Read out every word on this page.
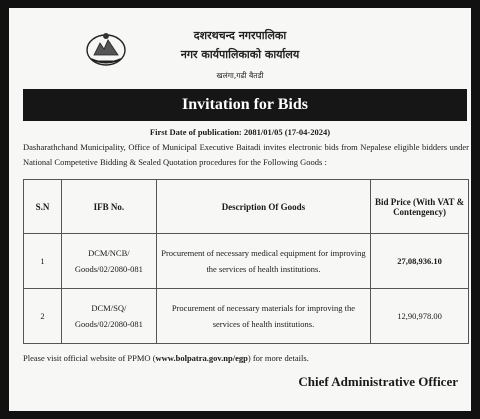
दशरथचन्द नगरपालिका
नगर कार्यपालिकाको कार्यालय
खलंगा,गढी बैतडी
Invitation for Bids
First Date of publication: 2081/01/05 (17-04-2024)
Dasharathchand Municipality, Office of Municipal Executive Baitadi invites electronic bids from Nepalese eligible bidders under National Competetive Bidding & Sealed Quotation procedures for the Following Goods :
S.N	IFB No.	Description Of Goods	Bid Price (With VAT & Contengency)
1	DCM/NCB/ Goods/02/2080-081	Procurement of necessary medical equipment for improving the services of health institutions.	27,08,936.10
2	DCM/SQ/ Goods/02/2080-081	Procurement of necessary materials for improving the services of health institutions.	12,90,978.00
Please visit official website of PPMO (www.bolpatra.gov.np/egp) for more details.
Chief Administrative Officer
